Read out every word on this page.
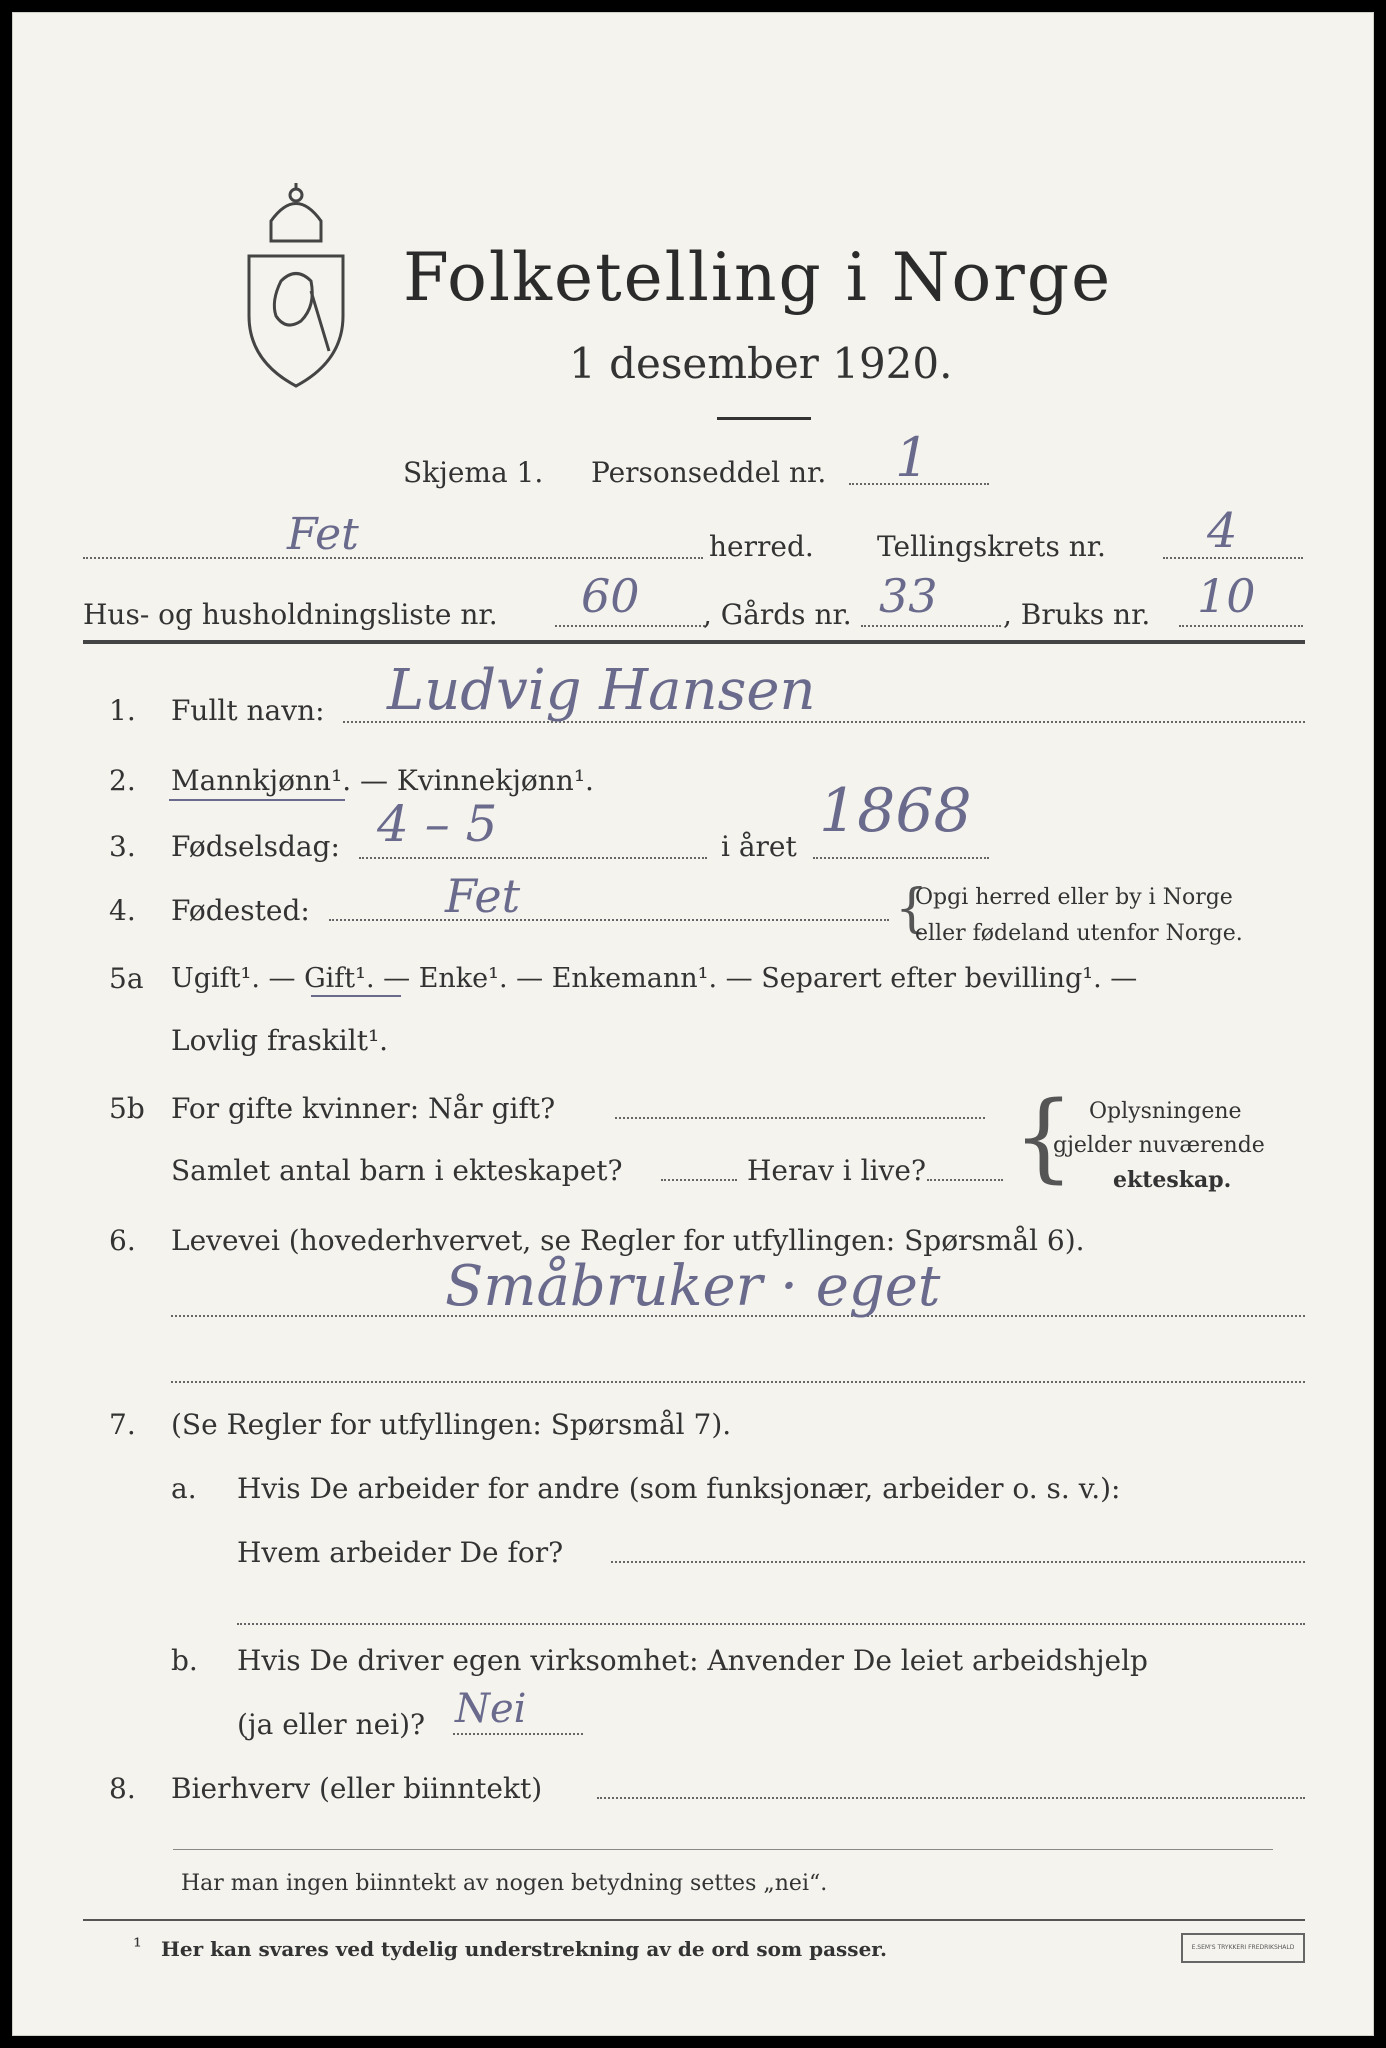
Folketelling i Norge
1 desember 1920.
Skjema 1. Personseddel nr. 1
Fet	herred. Tellingskrets nr. 4
Hus- og husholdningsliste nr. 60 , Gårds nr. 33 , Bruks nr. 10
1. Fullt navn: Ludvig Hansen
2. Mannkjønn¹. — Kvinnekjønn¹.
3. Fødselsdag: 4 – 5	i året
1868
4. Fødested:	Fet	{
Opgi herred eller by i Norge
eller fødeland utenfor Norge.
5a Ugift¹. — Gift¹. — Enke¹. — Enkemann¹. — Separert efter bevilling¹. —
Lovlig fraskilt¹.
5b For gifte kvinner: Når gift?
Samlet antal barn i ekteskapet?	Herav i live? { Oplysningene
gjelder nuværende
ekteskap.
6. Levevei (hovederhvervet, se Regler for utfyllingen: Spørsmål 6).
Småbruker · eget
7. (Se Regler for utfyllingen: Spørsmål 7).
a. Hvis De arbeider for andre (som funksjonær, arbeider o. s. v.):
Hvem arbeider De for?
b. Hvis De driver egen virksomhet: Anvender De leiet arbeidshjelp
(ja eller nei)? Nei
8. Bierhverv (eller biinntekt)
Har man ingen biinntekt av nogen betydning settes „nei“.
¹ Her kan svares ved tydelig understrekning av de ord som passer.	E.SEM'S TRYKKERI FREDRIKSHALD
